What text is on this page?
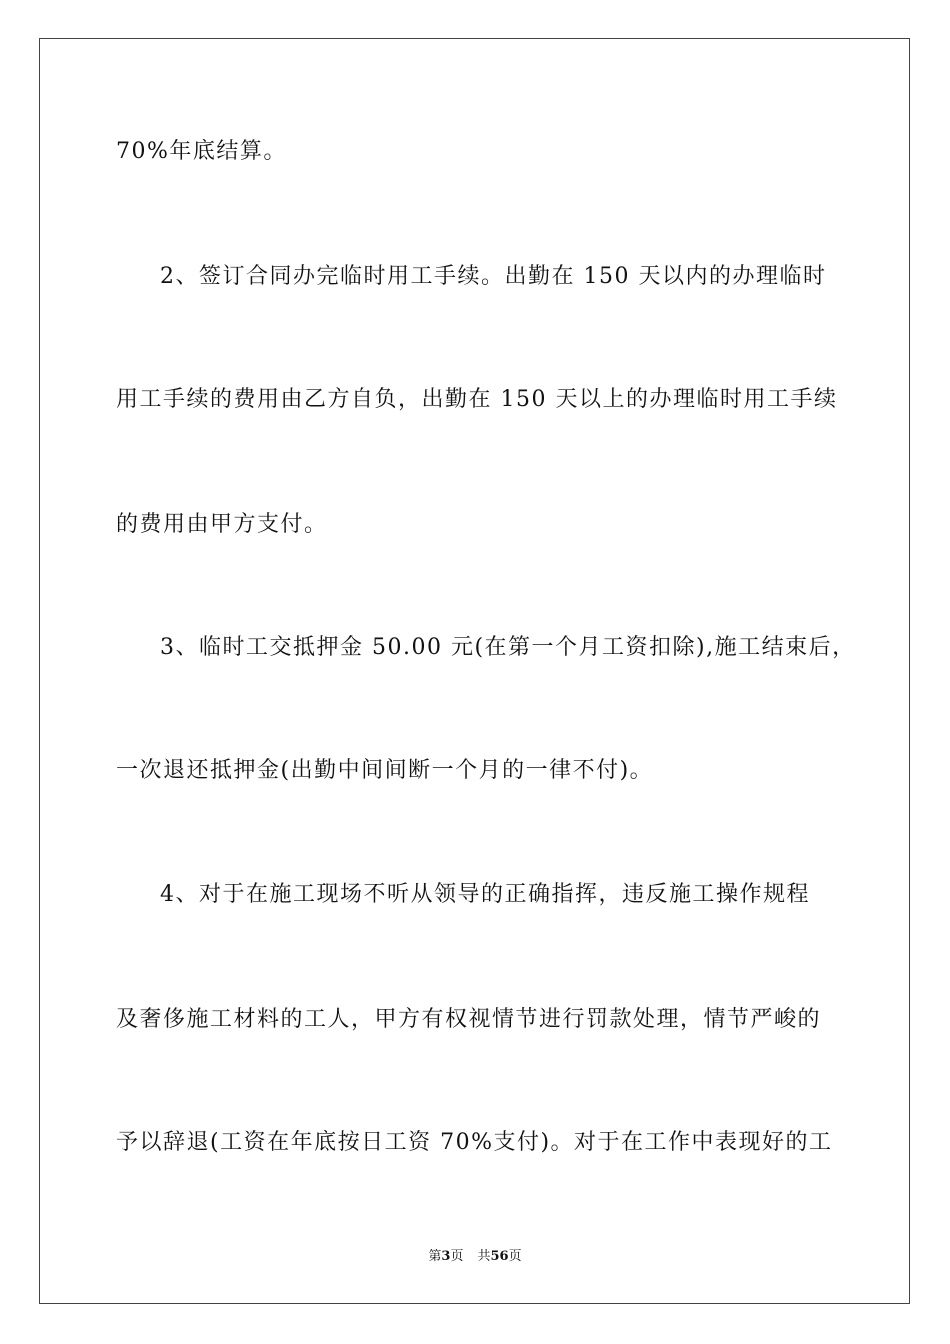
70%年底结算。
2、签订合同办完临时用工手续。出勤在 150 天以内的办理临时
用工手续的费用由乙方自负，出勤在 150 天以上的办理临时用工手续
的费用由甲方支付。
3、临时工交抵押金 50.00 元(在第一个月工资扣除),施工结束后，
一次退还抵押金(出勤中间间断一个月的一律不付)。
4、对于在施工现场不听从领导的正确指挥，违反施工操作规程
及奢侈施工材料的工人，甲方有权视情节进行罚款处理，情节严峻的
予以辞退(工资在年底按日工资 70%支付)。对于在工作中表现好的工
第3页 共56页
